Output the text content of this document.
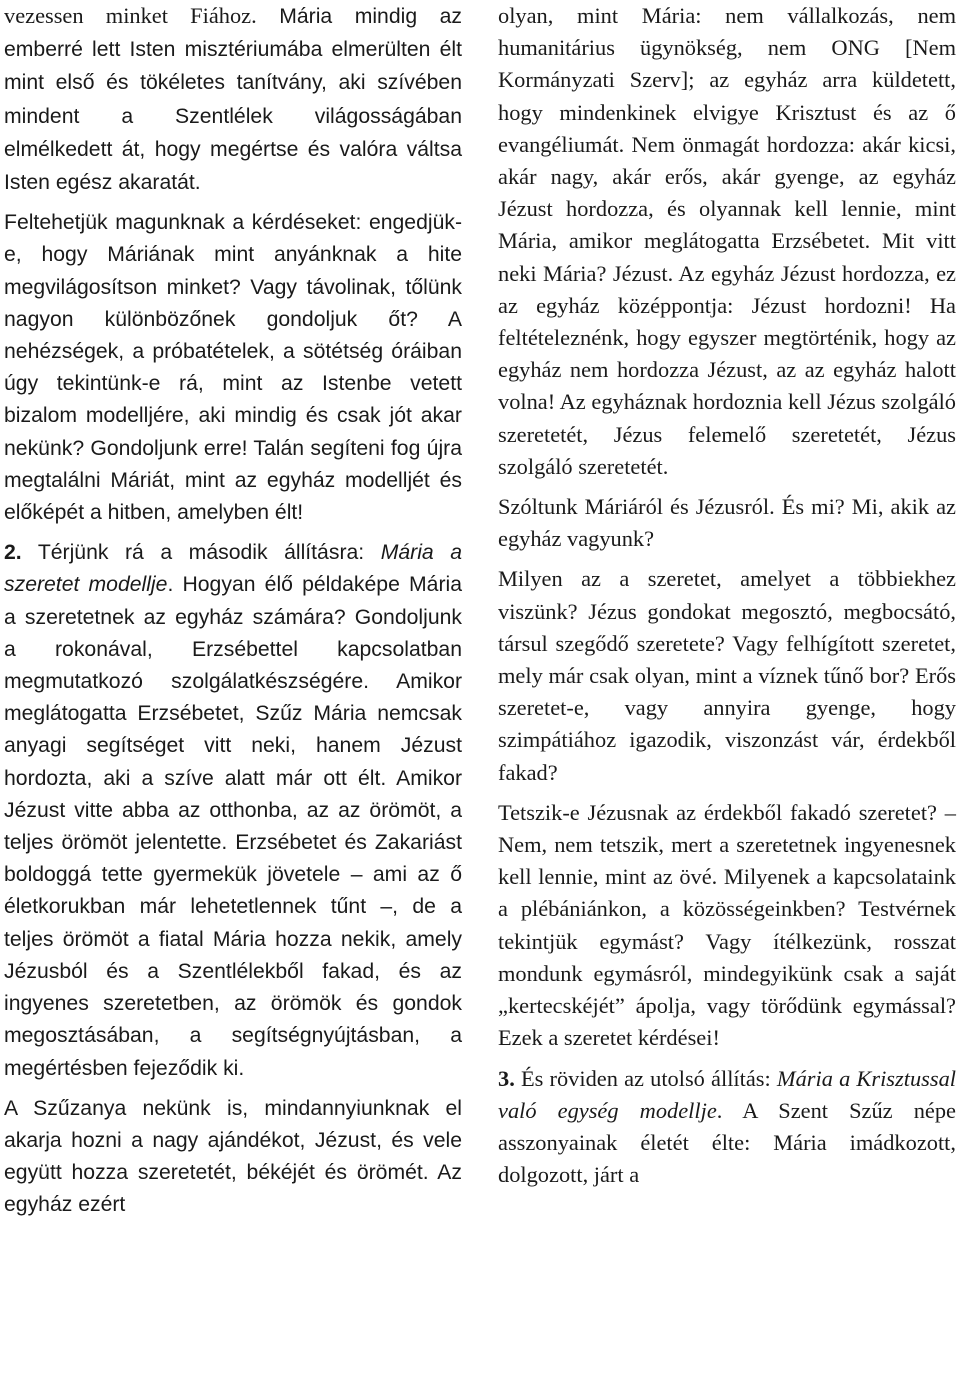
vezessen minket Fiához. Mária mindig az emberré lett Isten misztériumába elmerülten élt mint első és tökéletes tanítvány, aki szívében mindent a Szentlélek világosságában elmélkedett át, hogy megértse és valóra váltsa Isten egész akaratát.

Feltehetjük magunknak a kérdéseket: engedjük-e, hogy Máriának mint anyánknak a hite megvilágosítson minket? Vagy távolinak, tőlünk nagyon különbözőnek gondoljuk őt? A nehézségek, a próbatételek, a sötétség óráiban úgy tekintünk-e rá, mint az Istenbe vetett bizalom modelljére, aki mindig és csak jót akar nekünk? Gondoljunk erre! Talán segíteni fog újra megtalálni Máriát, mint az egyház modelljét és előképét a hitben, amelyben élt!

2. Térjünk rá a második állításra: Mária a szeretet modellje. Hogyan élő példaképe Mária a szeretetnek az egyház számára? Gondoljunk a rokonával, Erzsébettel kapcsolatban megmutatkozó szolgálatkészségére. Amikor meglátogatta Erzsébetet, Szűz Mária nemcsak anyagi segítséget vitt neki, hanem Jézust hordozta, aki a szíve alatt már ott élt. Amikor Jézust vitte abba az otthonba, az az örömöt, a teljes örömöt jelentette. Erzsébetet és Zakariást boldoggá tette gyermekük jövetele – ami az ő életkorukban már lehetetlennek tűnt –, de a teljes örömöt a fiatal Mária hozza nekik, amely Jézusból és a Szentlélekből fakad, és az ingyenes szeretetben, az örömök és gondok megosztásában, a segítségnyújtásban, a megértésben fejeződik ki.

A Szűzanya nekünk is, mindannyiunknak el akarja hozni a nagy ajándékot, Jézust, és vele együtt hozza szeretetét, békéjét és örömét. Az egyház ezért

olyan, mint Mária: nem vállalkozás, nem humanitárius ügynökség, nem ONG [Nem Kormányzati Szerv]; az egyház arra küldetett, hogy mindenkinek elvigye Krisztust és az ő evangéliumát. Nem önmagát hordozza: akár kicsi, akár nagy, akár erős, akár gyenge, az egyház Jézust hordozza, és olyannak kell lennie, mint Mária, amikor meglátogatta Erzsébetet. Mit vitt neki Mária? Jézust. Az egyház Jézust hordozza, ez az egyház középpontja: Jézust hordozni! Ha feltételeznénk, hogy egyszer megtörténik, hogy az egyház nem hordozza Jézust, az az egyház halott volna! Az egyháznak hordoznia kell Jézus szolgáló szeretetét, Jézus felemelő szeretetét, Jézus szolgáló szeretetét.

Szóltunk Máriáról és Jézusról. És mi? Mi, akik az egyház vagyunk?

Milyen az a szeretet, amelyet a többiekhez viszünk? Jézus gondokat megosztó, megbocsátó, társul szegődő szeretete? Vagy felhígított szeretet, mely már csak olyan, mint a víznek tűnő bor? Erős szeretet-e, vagy annyira gyenge, hogy szimpátiához igazodik, viszonzást vár, érdekből fakad?

Tetszik-e Jézusnak az érdekből fakadó szeretet? – Nem, nem tetszik, mert a szeretetnek ingyenesnek kell lennie, mint az övé. Milyenek a kapcsolataink a plébániánkon, a közösségeinkben? Testvérnek tekintjük egymást? Vagy ítélkezünk, rosszat mondunk egymásról, mindegyikünk csak a saját „kertecskéjét” ápolja, vagy törődünk egymással? Ezek a szeretet kérdései!

3. És röviden az utolsó állítás: Mária a Krisztussal való egység modellje. A Szent Szűz népe asszonyainak életét élte: Mária imádkozott, dolgozott, járt a
